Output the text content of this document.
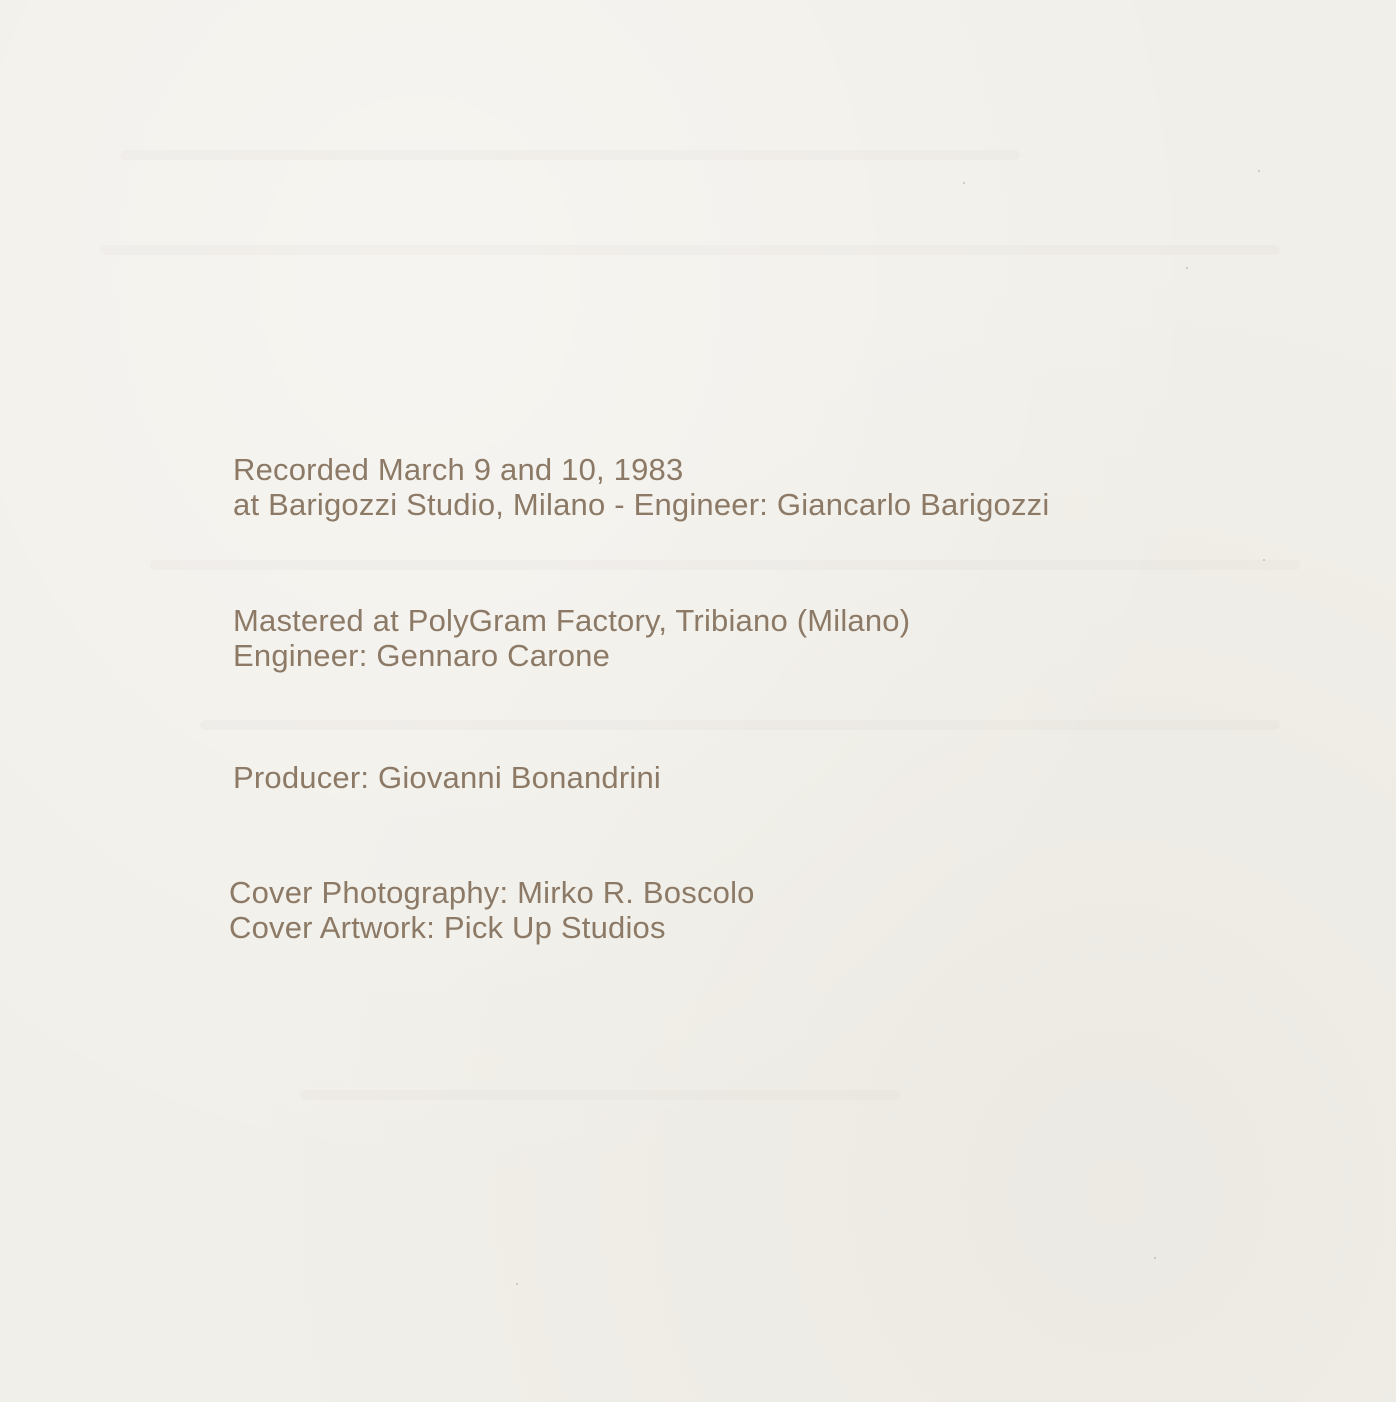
Recorded March 9 and 10, 1983
at Barigozzi Studio, Milano - Engineer: Giancarlo Barigozzi
Mastered at PolyGram Factory, Tribiano (Milano)
Engineer: Gennaro Carone
Producer: Giovanni Bonandrini
Cover Photography: Mirko R. Boscolo
Cover Artwork: Pick Up Studios
